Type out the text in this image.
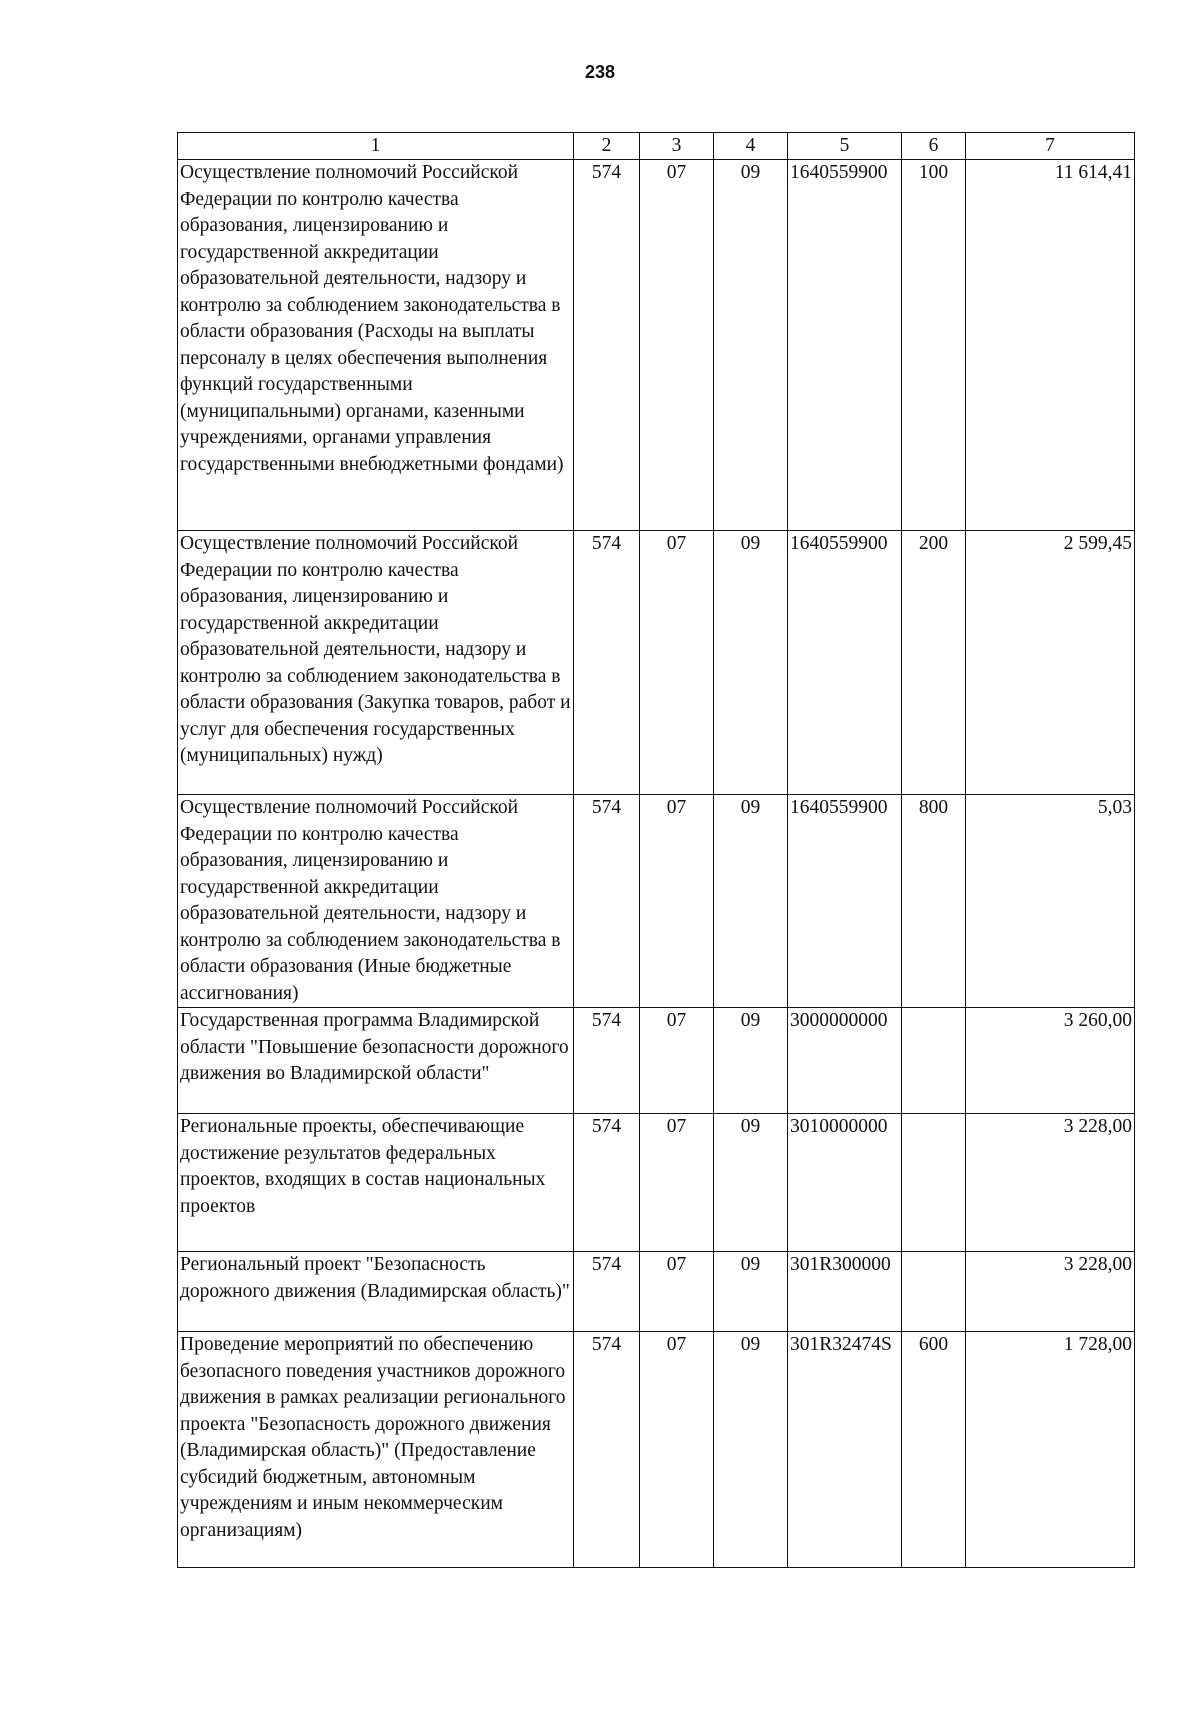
238
1	2	3	4	5	6	7
Осуществление полномочий Российской Федерации по контролю качества образования, лицензированию и государственной аккредитации образовательной деятельности, надзору и контролю за соблюдением законодательства в области образования (Расходы на выплаты персоналу в целях обеспечения выполнения функций государственными (муниципальными) органами, казенными учреждениями, органами управления государственными внебюджетными фондами)	574	07	09	1640559900	100	11 614,41
Осуществление полномочий Российской Федерации по контролю качества образования, лицензированию и государственной аккредитации образовательной деятельности, надзору и контролю за соблюдением законодательства в области образования (Закупка товаров, работ и услуг для обеспечения государственных (муниципальных) нужд)	574	07	09	1640559900	200	2 599,45
Осуществление полномочий Российской Федерации по контролю качества образования, лицензированию и государственной аккредитации образовательной деятельности, надзору и контролю за соблюдением законодательства в области образования (Иные бюджетные ассигнования)	574	07	09	1640559900	800	5,03
Государственная программа Владимирской области "Повышение безопасности дорожного движения во Владимирской области"	574	07	09	3000000000		3 260,00
Региональные проекты, обеспечивающие достижение результатов федеральных проектов, входящих в состав национальных проектов	574	07	09	3010000000		3 228,00
Региональный проект "Безопасность дорожного движения (Владимирская область)"	574	07	09	301R300000		3 228,00
Проведение мероприятий по обеспечению безопасного поведения участников дорожного движения в рамках реализации регионального проекта "Безопасность дорожного движения (Владимирская область)" (Предоставление субсидий бюджетным, автономным учреждениям и иным некоммерческим организациям)	574	07	09	301R32474S	600	1 728,00
